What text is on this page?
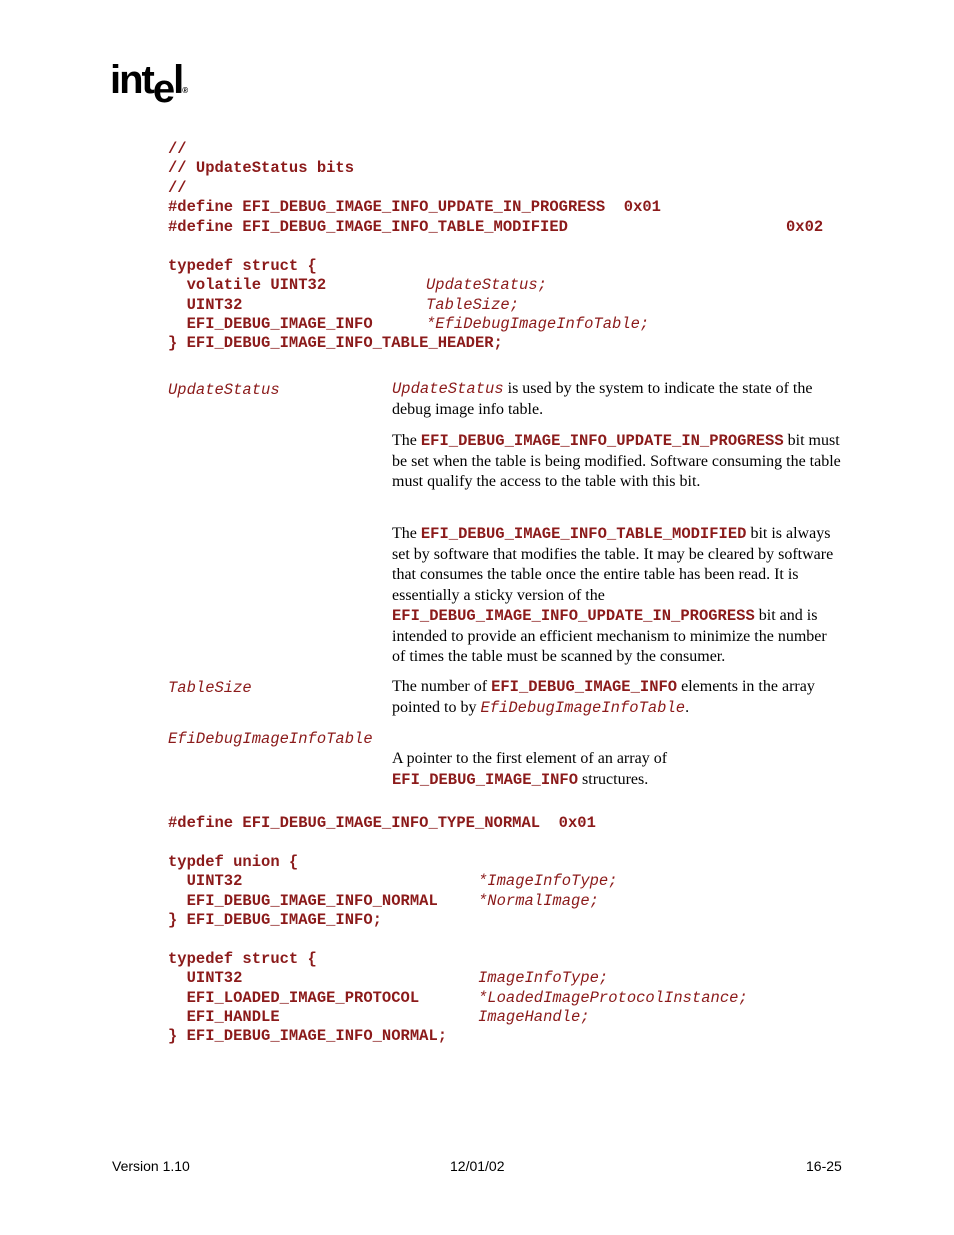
intel®
//
// UpdateStatus bits
//
#define EFI_DEBUG_IMAGE_INFO_UPDATE_IN_PROGRESS  0x01
#define EFI_DEBUG_IMAGE_INFO_TABLE_MODIFIED	0x02
typedef struct {
volatile UINT32	UpdateStatus;
UINT32	TableSize;
EFI_DEBUG_IMAGE_INFO	*EfiDebugImageInfoTable;
} EFI_DEBUG_IMAGE_INFO_TABLE_HEADER;
UpdateStatus	UpdateStatus is used by the system to indicate the state of the debug image info table.
The EFI_DEBUG_IMAGE_INFO_UPDATE_IN_PROGRESS bit must be set when the table is being modified. Software consuming the table must qualify the access to the table with this bit.
The EFI_DEBUG_IMAGE_INFO_TABLE_MODIFIED bit is always set by software that modifies the table. It may be cleared by software that consumes the table once the entire table has been read. It is essentially a sticky version of the EFI_DEBUG_IMAGE_INFO_UPDATE_IN_PROGRESS bit and is intended to provide an efficient mechanism to minimize the number of times the table must be scanned by the consumer.
TableSize	The number of EFI_DEBUG_IMAGE_INFO elements in the array pointed to by EfiDebugImageInfoTable.
EfiDebugImageInfoTable
A pointer to the first element of an array of EFI_DEBUG_IMAGE_INFO structures.
#define EFI_DEBUG_IMAGE_INFO_TYPE_NORMAL  0x01
typdef union {
UINT32	*ImageInfoType;
EFI_DEBUG_IMAGE_INFO_NORMAL	*NormalImage;
} EFI_DEBUG_IMAGE_INFO;
typedef struct {
UINT32	ImageInfoType;
EFI_LOADED_IMAGE_PROTOCOL	*LoadedImageProtocolInstance;
EFI_HANDLE	ImageHandle;
} EFI_DEBUG_IMAGE_INFO_NORMAL;
Version 1.10	12/01/02	16-25
